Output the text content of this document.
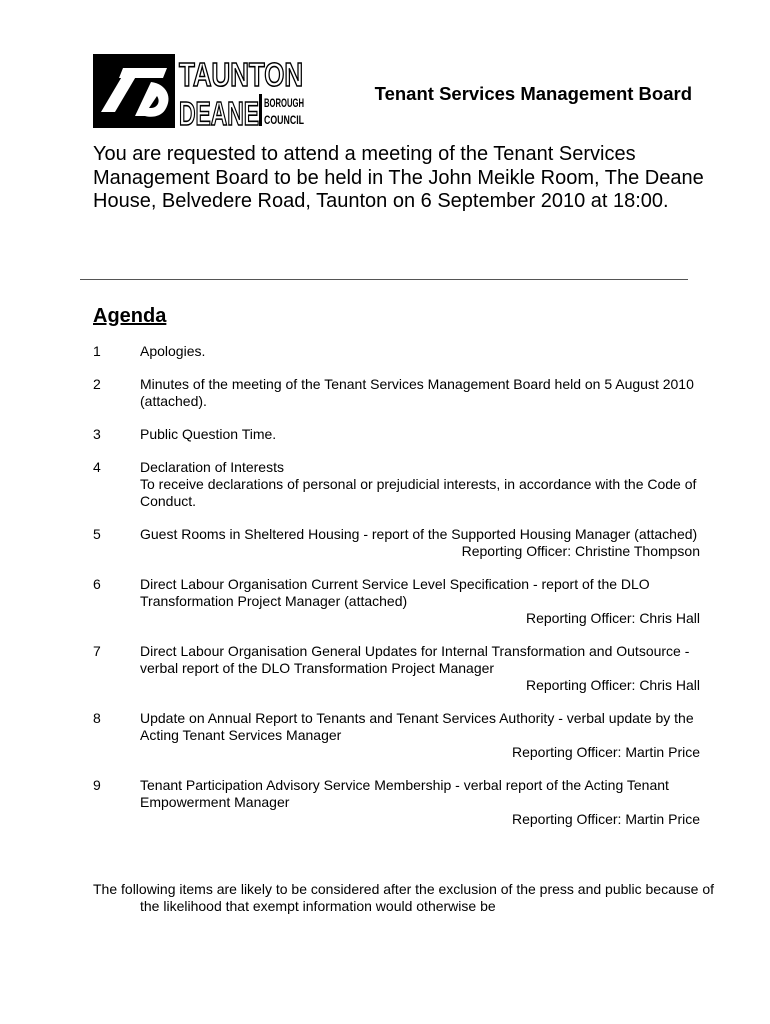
TAUNTON
DEANE BOROUGH
COUNCIL
Tenant Services Management Board

You are requested to attend a meeting of the Tenant Services Management Board to be held in The John Meikle Room, The Deane House, Belvedere Road, Taunton on 6 September 2010 at 18:00.

Agenda
1	Apologies.
2	Minutes of the meeting of the Tenant Services Management Board held on 5 August 2010 (attached).
3	Public Question Time.
4	Declaration of Interests
To receive declarations of personal or prejudicial interests, in accordance with the Code of Conduct.
5	Guest Rooms in Sheltered Housing - report of the Supported Housing Manager (attached)
Reporting Officer: Christine Thompson
6	Direct Labour Organisation Current Service Level Specification - report of the DLO Transformation Project Manager (attached)
Reporting Officer: Chris Hall
7	Direct Labour Organisation General Updates for Internal Transformation and Outsource - verbal report of the DLO Transformation Project Manager
Reporting Officer: Chris Hall
8	Update on Annual Report to Tenants and Tenant Services Authority - verbal update by the Acting Tenant Services Manager
Reporting Officer: Martin Price
9	Tenant Participation Advisory Service Membership - verbal report of the Acting Tenant Empowerment Manager
Reporting Officer: Martin Price

The following items are likely to be considered after the exclusion of the press and public because of the likelihood that exempt information would otherwise be
